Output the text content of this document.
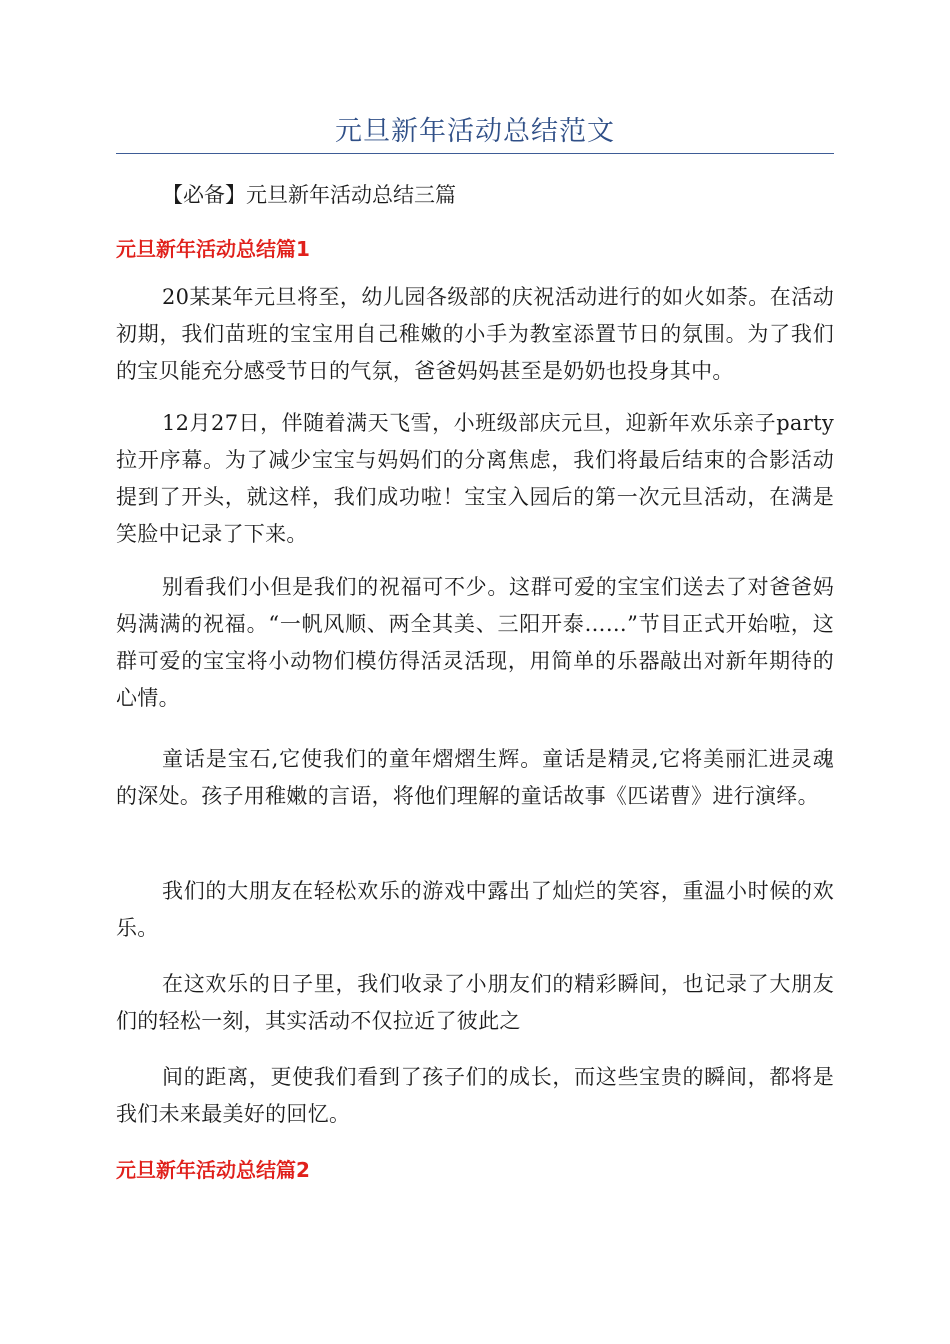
元旦新年活动总结范文
【必备】元旦新年活动总结三篇
元旦新年活动总结篇1

20某某年元旦将至，幼儿园各级部的庆祝活动进行的如火如荼。在活动初期，我们苗班的宝宝用自己稚嫩的小手为教室添置节日的氛围。为了我们的宝贝能充分感受节日的气氛，爸爸妈妈甚至是奶奶也投身其中。

12月27日，伴随着满天飞雪，小班级部庆元旦，迎新年欢乐亲子party拉开序幕。为了减少宝宝与妈妈们的分离焦虑，我们将最后结束的合影活动提到了开头，就这样，我们成功啦！宝宝入园后的第一次元旦活动，在满是笑脸中记录了下来。

别看我们小但是我们的祝福可不少。这群可爱的宝宝们送去了对爸爸妈妈满满的祝福。“一帆风顺、两全其美、三阳开泰……”节目正式开始啦，这群可爱的宝宝将小动物们模仿得活灵活现，用简单的乐器敲出对新年期待的心情。

童话是宝石,它使我们的童年熠熠生辉。童话是精灵,它将美丽汇进灵魂的深处。孩子用稚嫩的言语，将他们理解的童话故事《匹诺曹》进行演绎。

我们的大朋友在轻松欢乐的游戏中露出了灿烂的笑容，重温小时候的欢乐。

在这欢乐的日子里，我们收录了小朋友们的精彩瞬间，也记录了大朋友们的轻松一刻，其实活动不仅拉近了彼此之

间的距离，更使我们看到了孩子们的成长，而这些宝贵的瞬间，都将是我们未来最美好的回忆。

元旦新年活动总结篇2
